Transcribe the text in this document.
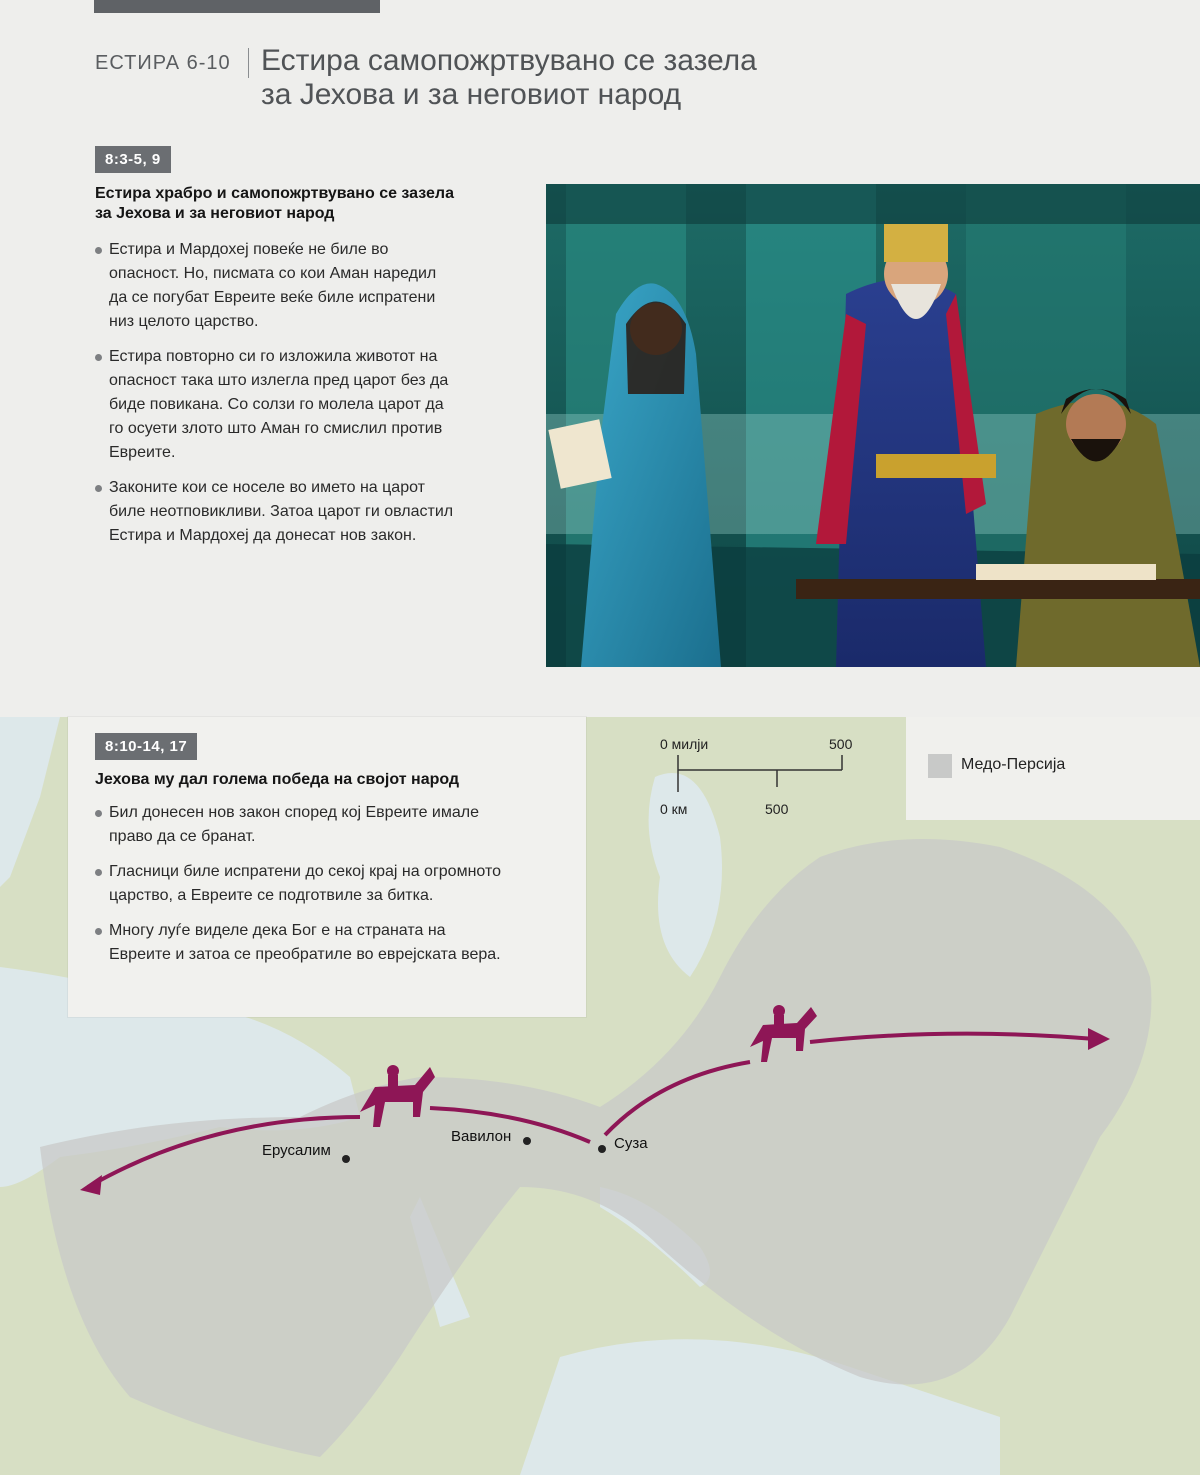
ЕСТИРА 6-10 Естира самопожртвувано се зазела
за Јехова и за неговиот народ
8:3-5, 9
Естира храбро и самопожртвувано се зазела
за Јехова и за неговиот народ
Естира и Мардохеј повеќе не биле во
опасност. Но, писмата со кои Аман наредил
да се погубат Евреите веќе биле испратени
низ целото царство.
Естира повторно си го изложила животот на
опасност така што излегла пред царот без да
биде повикана. Со солзи го молела царот да
го осуети злото што Аман го смислил против
Евреите.
Законите кои се носеле во името на царот
биле неотповикливи. Затоа царот ги овластил
Естира и Мардохеј да донесат нов закон.
8:10-14, 17
Јехова му дал голема победа на својот народ
Бил донесен нов закон според кој Евреите имале
право да се бранат.
Гласници биле испратени до секој крај на огромното
царство, а Евреите се подготвиле за битка.
Многу луѓе виделе дека Бог е на страната на
Евреите и затоа се преобратиле во еврејската вера.
Медо-Персија
0 милји	500
0 км	500
Ерусалим
Вавилон	Суза
